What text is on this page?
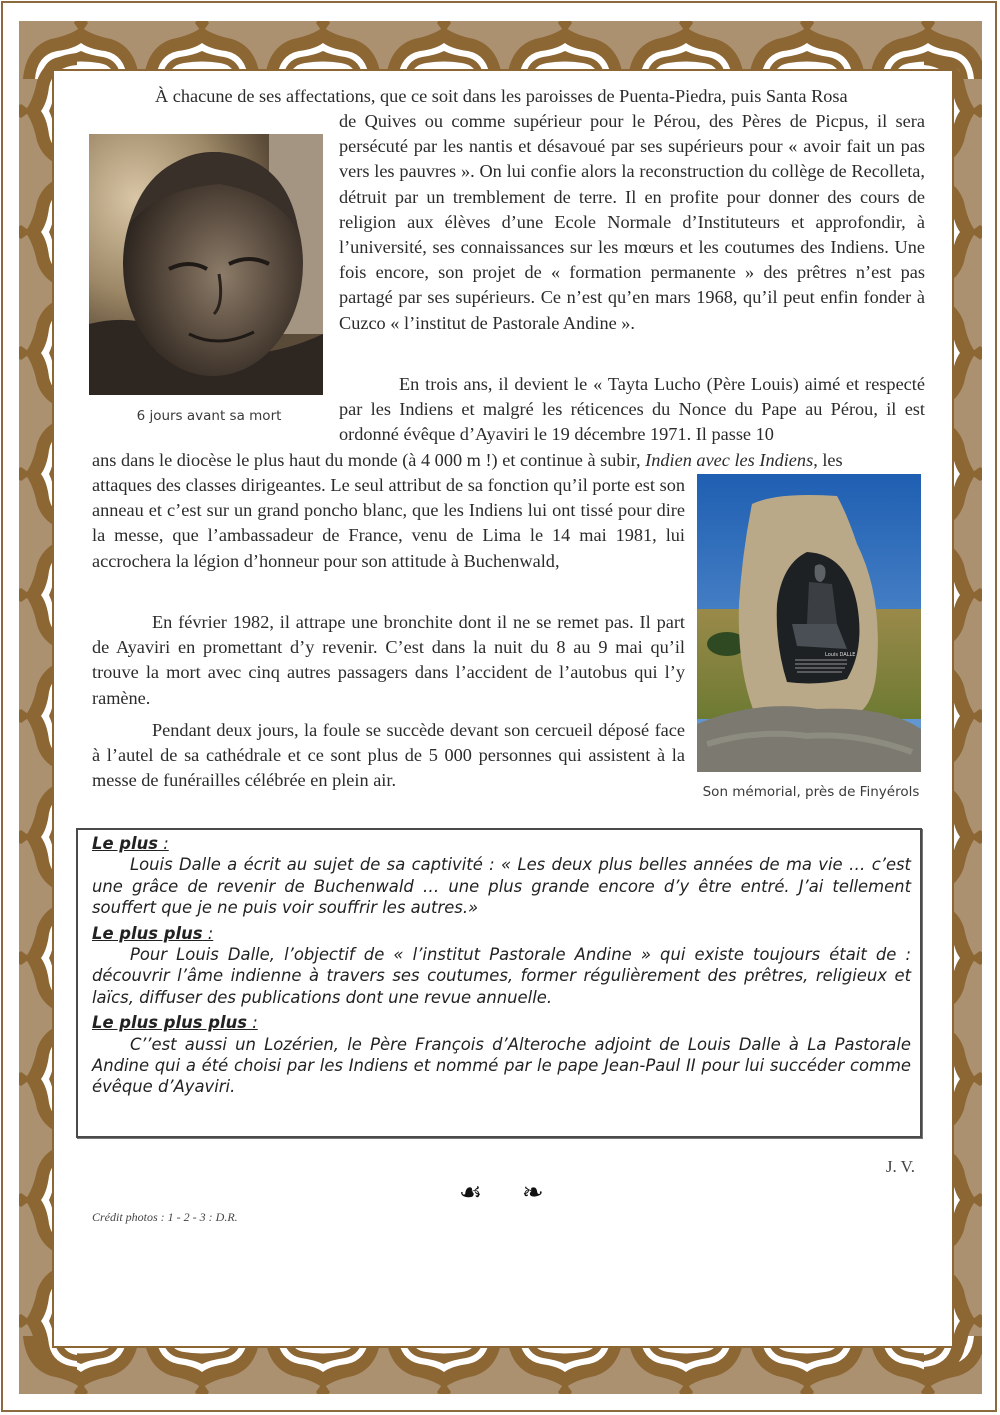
À chacune de ses affectations, que ce soit dans les paroisses de Puenta-Piedra, puis Santa Rosa

de Quives ou comme supérieur pour le Pérou, des Pères de Picpus, il sera persécuté par les nantis et désavoué par ses supérieurs pour « avoir fait un pas vers les pauvres ». On lui confie alors la reconstruction du collège de Recolleta, détruit par un tremblement de terre. Il en profite pour donner des cours de religion aux élèves d’une Ecole Normale d’Instituteurs et approfondir, à l’université, ses connaissances sur les mœurs et les coutumes des Indiens. Une fois encore, son projet de « formation permanente » des prêtres n’est pas partagé par ses supérieurs. Ce n’est qu’en mars 1968, qu’il peut enfin fonder à Cuzco « l’institut de Pastorale Andine ».

6 jours avant sa mort

En trois ans, il devient le « Tayta Lucho (Père Louis) aimé et respecté par les Indiens et malgré les réticences du Nonce du Pape au Pérou, il est ordonné évêque d’Ayaviri le 19 décembre 1971. Il passe 10

ans dans le diocèse le plus haut du monde (à 4 000 m !) et continue à subir, Indien avec les Indiens, les

attaques des classes dirigeantes. Le seul attribut de sa fonction qu’il porte est son anneau et c’est sur un grand poncho blanc, que les Indiens lui ont tissé pour dire la messe, que l’ambassadeur de France, venu de Lima le 14 mai 1981, lui accrochera la légion d’honneur pour son attitude à Buchenwald,

En février 1982, il attrape une bronchite dont il ne se remet pas. Il part de Ayaviri en promettant d’y revenir. C’est dans la nuit du 8 au 9 mai qu’il trouve la mort avec cinq autres passagers dans l’accident de l’autobus qui l’y ramène.

Pendant deux jours, la foule se succède devant son cercueil déposé face à l’autel de sa cathédrale et ce sont plus de 5 000 personnes qui assistent à la messe de funérailles célébrée en plein air.

Louis DALLE
Son mémorial, près de Finyérols

Le plus :

Louis Dalle a écrit au sujet de sa captivité : « Les deux plus belles années de ma vie … c’est une grâce de revenir de Buchenwald … une plus grande encore d’y être entré. J’ai tellement souffert que je ne puis voir souffrir les autres.»

Le plus plus :

Pour Louis Dalle, l’objectif de « l’institut Pastorale Andine » qui existe toujours était de : découvrir l’âme indienne à travers ses coutumes, former régulièrement des prêtres, religieux et laïcs, diffuser des publications dont une revue annuelle.

Le plus plus plus :

C’’est aussi un Lozérien, le Père François d’Alteroche adjoint de Louis Dalle à La Pastorale Andine qui a été choisi par les Indiens et nommé par le pape Jean-Paul II pour lui succéder comme évêque d’Ayaviri.

J. V.
☙ ❧
Crédit photos : 1 - 2 - 3 : D.R.
